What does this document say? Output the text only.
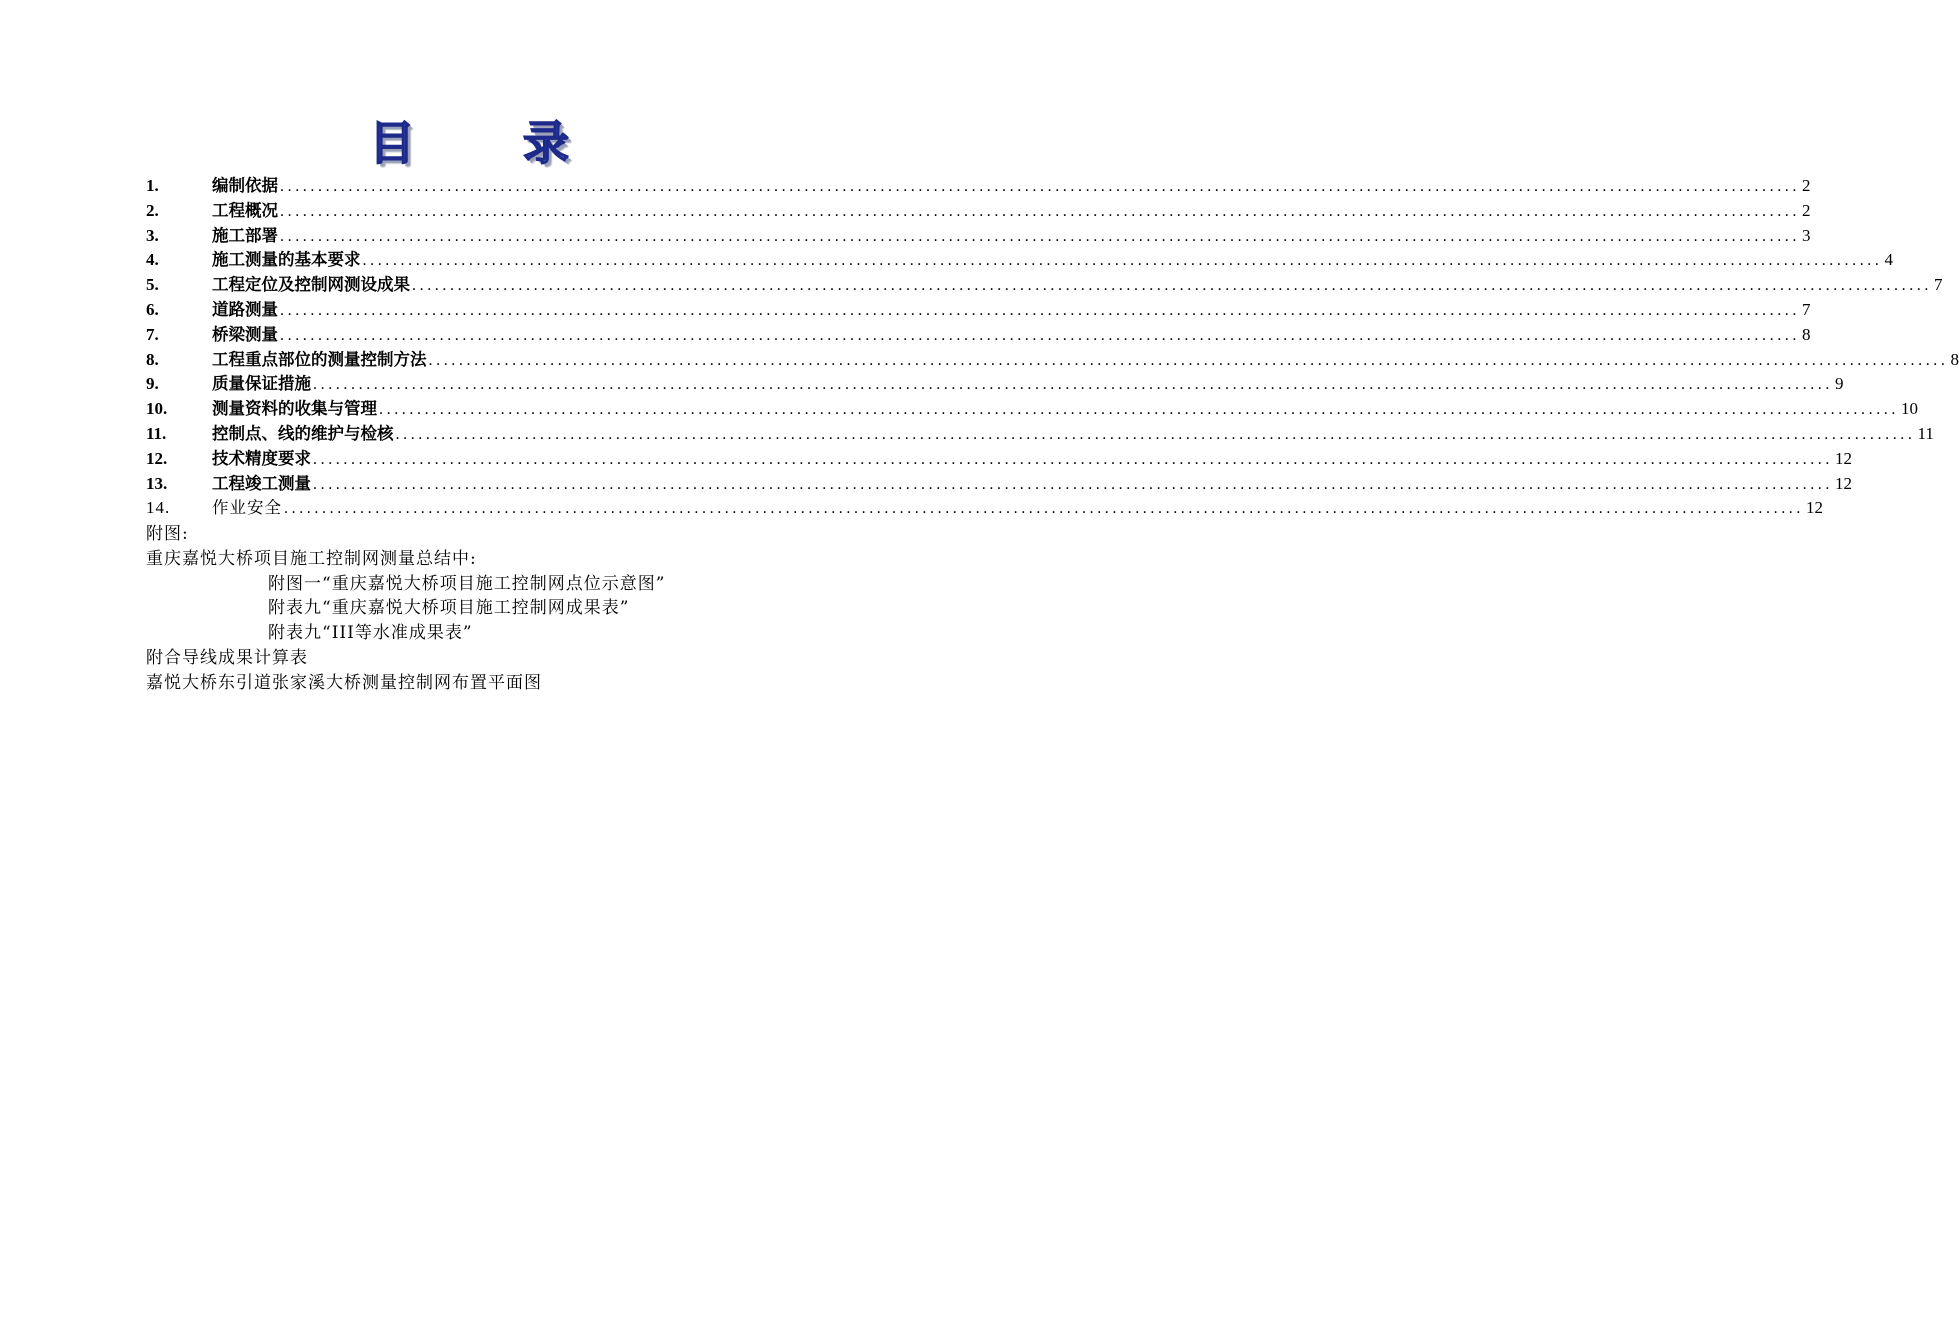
目 录
1.	编制依据 ........................................................................................................................................................................................................ 2
2.	工程概况 ........................................................................................................................................................................................................ 2
3.	施工部署 ........................................................................................................................................................................................................ 3
4.	施工测量的基本要求 ........................................................................................................................................................................................................ 4
5.	工程定位及控制网测设成果 ........................................................................................................................................................................................................ 7
6.	道路测量 ........................................................................................................................................................................................................ 7
7.	桥梁测量 ........................................................................................................................................................................................................ 8
8.	工程重点部位的测量控制方法 ........................................................................................................................................................................................................ 8
9.	质量保证措施 ........................................................................................................................................................................................................ 9
10.	测量资料的收集与管理 ........................................................................................................................................................................................................ 10
11.	控制点、线的维护与检核 ........................................................................................................................................................................................................ 11
12.	技术精度要求 ........................................................................................................................................................................................................ 12
13.	工程竣工测量 ........................................................................................................................................................................................................ 12
14.	作业安全 ........................................................................................................................................................................................................ 12
附图:
重庆嘉悦大桥项目施工控制网测量总结中:
附图一“重庆嘉悦大桥项目施工控制网点位示意图”
附表九“重庆嘉悦大桥项目施工控制网成果表”
附表九“III等水准成果表”
附合导线成果计算表
嘉悦大桥东引道张家溪大桥测量控制网布置平面图
